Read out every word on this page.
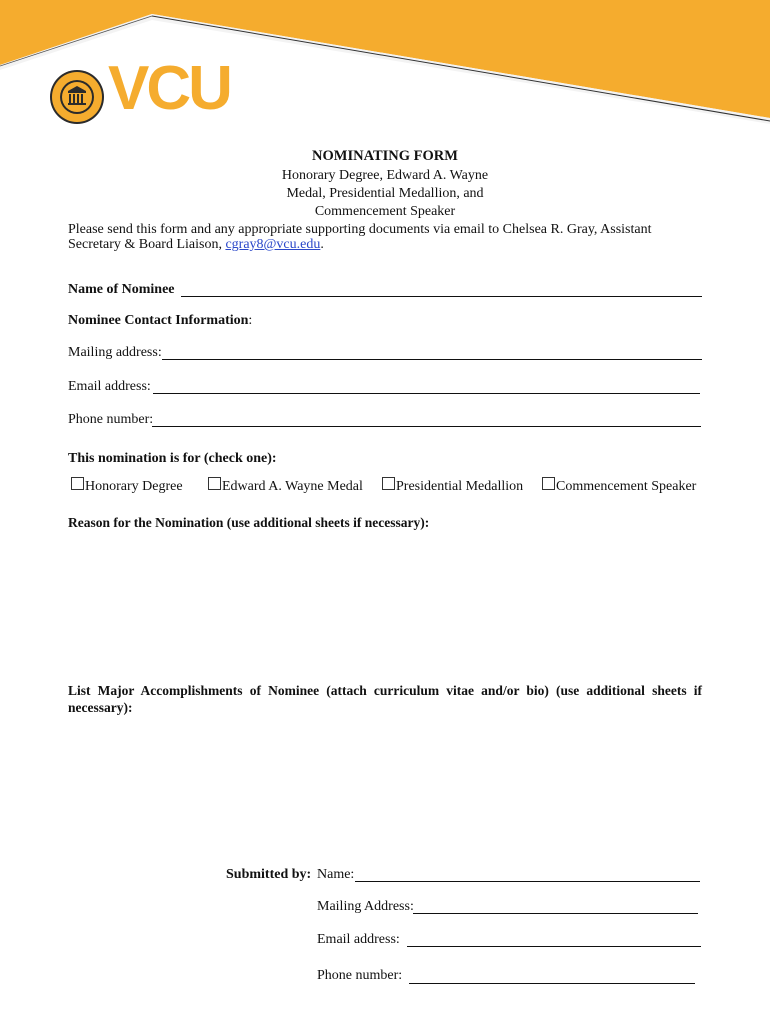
VCU
NOMINATING FORM
Honorary Degree, Edward A. Wayne
Medal, Presidential Medallion, and
Commencement Speaker
Please send this form and any appropriate supporting documents via email to Chelsea R. Gray, Assistant
Secretary & Board Liaison, cgray8@vcu.edu.
Name of Nominee
Nominee Contact Information:
Mailing address:
Email address:
Phone number:
This nomination is for (check one):
Honorary Degree	Edward A. Wayne Medal Presidential Medallion Commencement Speaker
Reason for the Nomination (use additional sheets if necessary):
List Major Accomplishments of Nominee (attach curriculum vitae and/or bio) (use additional sheets if necessary):
Submitted by: Name:
Mailing Address:
Email address:
Phone number:
